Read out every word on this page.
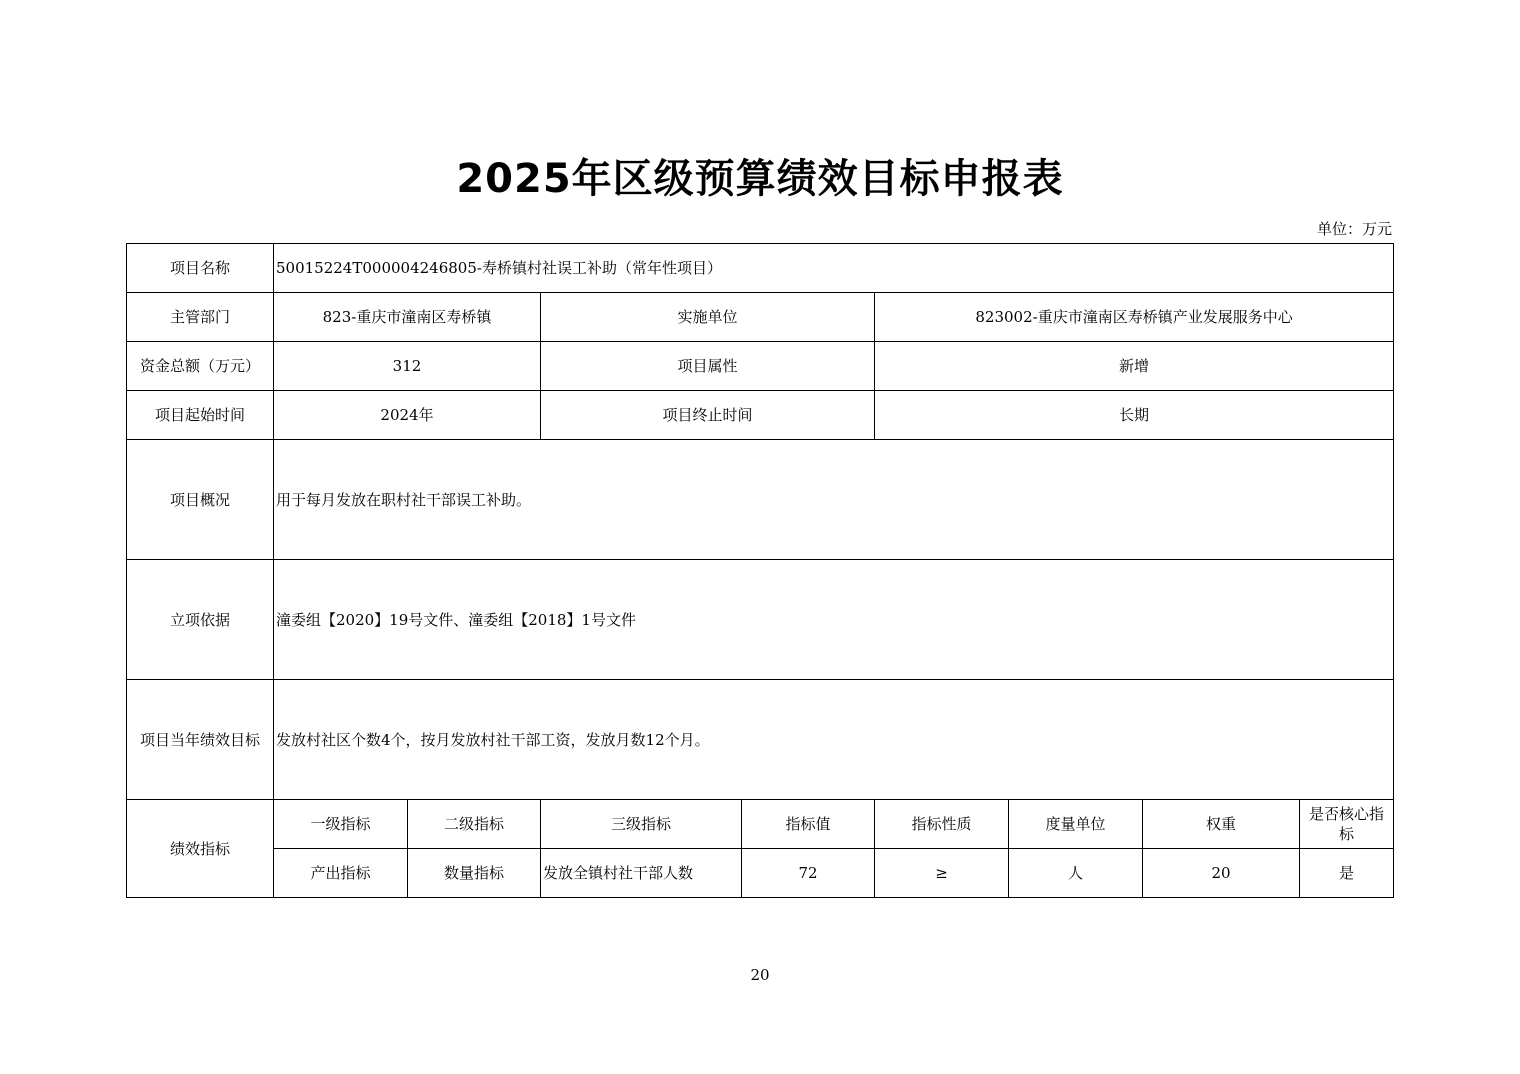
2025年区级预算绩效目标申报表
单位：万元
项目名称	50015224T000004246805-寿桥镇村社误工补助（常年性项目）							
主管部门	823-重庆市潼南区寿桥镇		实施单位		823002-重庆市潼南区寿桥镇产业发展服务中心			
资金总额（万元）	312		项目属性		新增			
项目起始时间	2024年		项目终止时间		长期			
项目概况	用于每月发放在职村社干部误工补助。							
立项依据	潼委组【2020】19号文件、潼委组【2018】1号文件							
项目当年绩效目标	发放村社区个数4个，按月发放村社干部工资，发放月数12个月。							
绩效指标	一级指标	二级指标	三级指标	指标值	指标性质	度量单位	权重	是否核心指标
	产出指标	数量指标	发放全镇村社干部人数	72	≥	人	20	是
20
